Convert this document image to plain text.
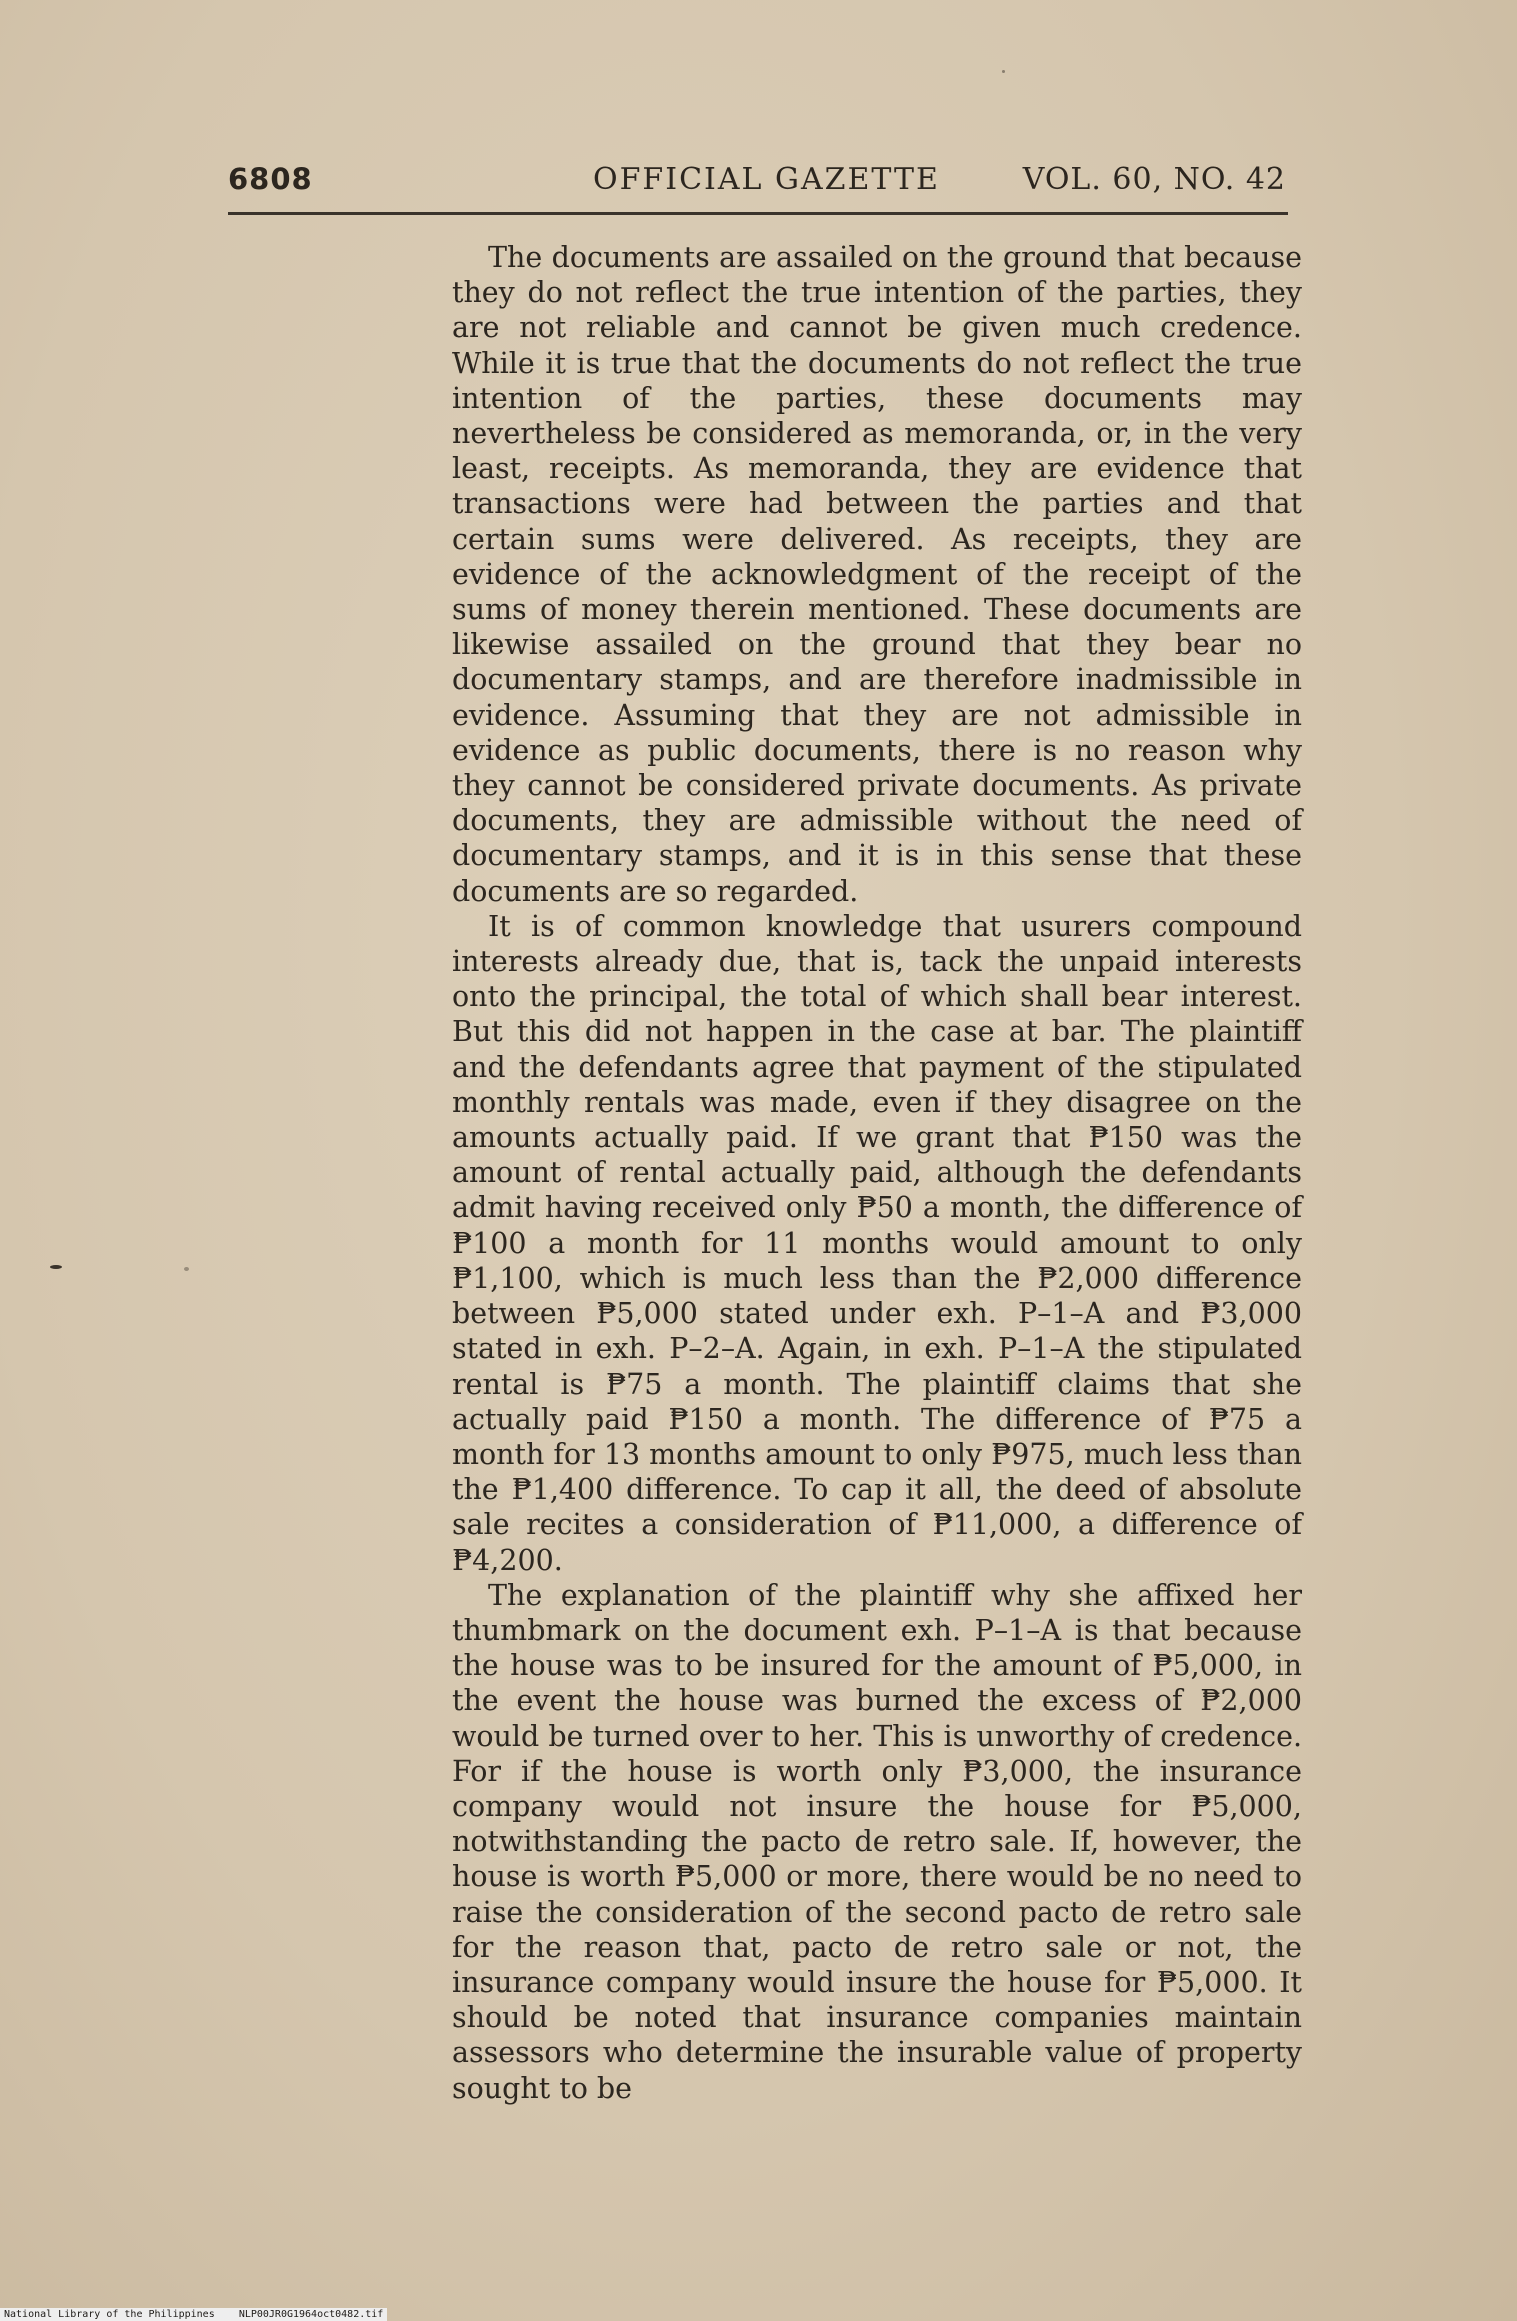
6808	OFFICIAL GAZETTE	VOL. 60, NO. 42

The documents are assailed on the ground that because they do not reflect the true intention of the parties, they are not reliable and cannot be given much credence. While it is true that the documents do not reflect the true intention of the parties, these documents may nevertheless be considered as memoranda, or, in the very least, receipts. As memoranda, they are evidence that transactions were had between the parties and that certain sums were delivered. As receipts, they are evidence of the acknowledgment of the receipt of the sums of money therein mentioned. These documents are likewise assailed on the ground that they bear no documentary stamps, and are therefore inadmissible in evidence. Assuming that they are not admissible in evidence as public documents, there is no reason why they cannot be considered private documents. As private documents, they are admissible without the need of documentary stamps, and it is in this sense that these documents are so regarded.

It is of common knowledge that usurers compound interests already due, that is, tack the unpaid interests onto the principal, the total of which shall bear interest. But this did not happen in the case at bar. The plaintiff and the defendants agree that payment of the stipulated monthly rentals was made, even if they disagree on the amounts actually paid. If we grant that ₱150 was the amount of rental actually paid, although the defendants admit having received only ₱50 a month, the difference of ₱100 a month for 11 months would amount to only ₱1,100, which is much less than the ₱2,000 difference between ₱5,000 stated under exh. P–1–A and ₱3,000 stated in exh. P–2–A. Again, in exh. P–1–A the stipulated rental is ₱75 a month. The plaintiff claims that she actually paid ₱150 a month. The difference of ₱75 a month for 13 months amount to only ₱975, much less than the ₱1,400 difference. To cap it all, the deed of absolute sale recites a consideration of ₱11,000, a difference of ₱4,200.

The explanation of the plaintiff why she affixed her thumbmark on the document exh. P–1–A is that because the house was to be insured for the amount of ₱5,000, in the event the house was burned the excess of ₱2,000 would be turned over to her. This is unworthy of credence. For if the house is worth only ₱3,000, the insurance company would not insure the house for ₱5,000, notwithstanding the pacto de retro sale. If, however, the house is worth ₱5,000 or more, there would be no need to raise the consideration of the second pacto de retro sale for the reason that, pacto de retro sale or not, the insurance company would insure the house for ₱5,000. It should be noted that insurance companies maintain assessors who determine the insurable value of property sought to be

National Library of the Philippines NLP00JR0G1964oct0482.tif
